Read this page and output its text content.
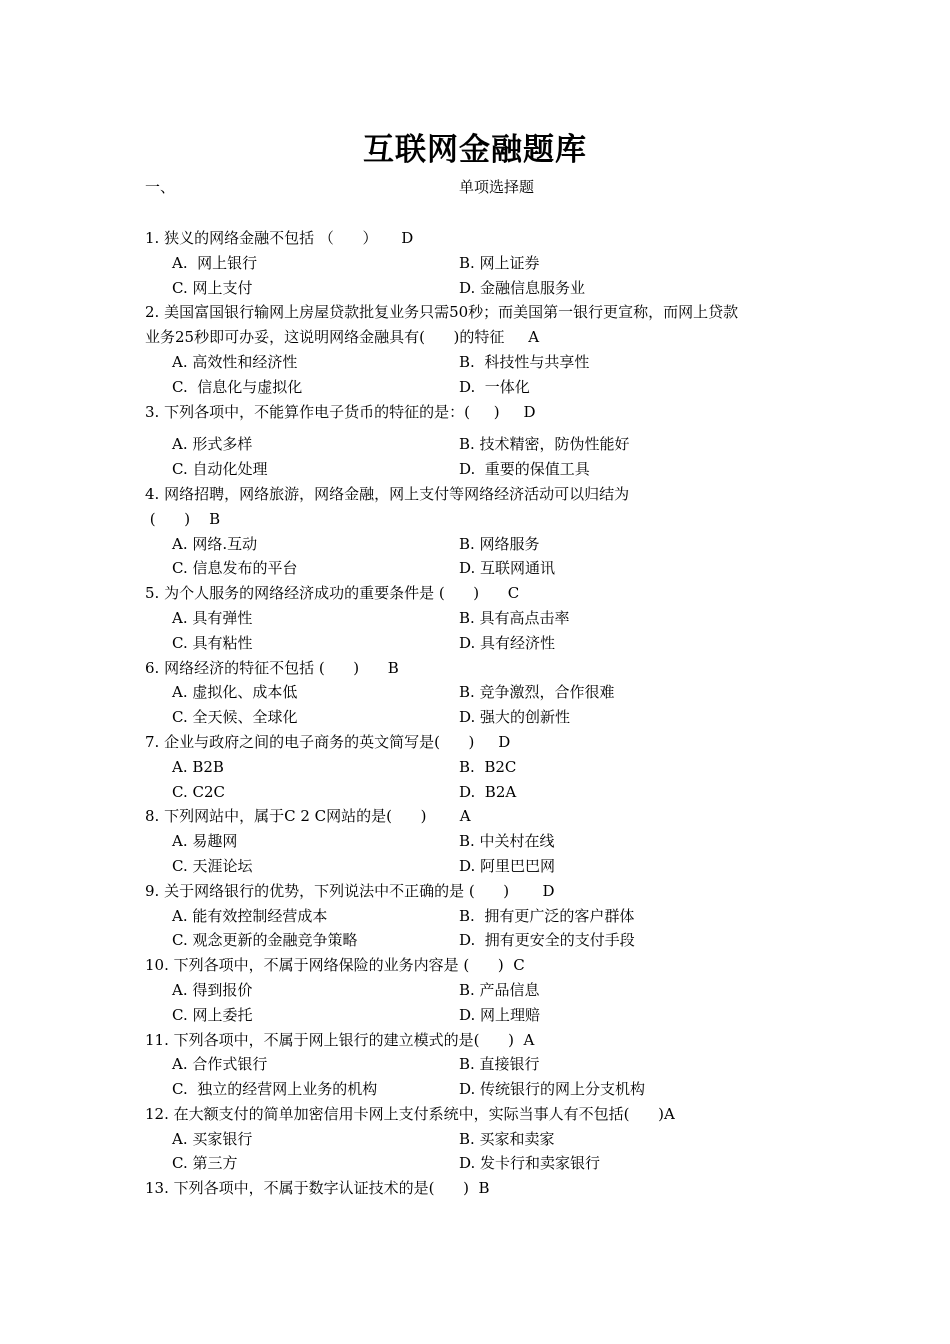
互联网金融题库
一、	单项选择题
1. 狭义的网络金融不包括 （      ）     D
A.  网上银行	B. 网上证券
C. 网上支付	D. 金融信息服务业
2. 美国富国银行输网上房屋贷款批复业务只需50秒；而美国第一银行更宣称，而网上贷款
业务25秒即可办妥，这说明网络金融具有(      )的特征     A
A. 高效性和经济性	B.  科技性与共享性
C.  信息化与虚拟化	D.  一体化
3. 下列各项中，不能算作电子货币的特征的是：(     )     D
A. 形式多样	B. 技术精密，防伪性能好
C. 自动化处理	D.  重要的保值工具
4. 网络招聘，网络旅游，网络金融，网上支付等网络经济活动可以归结为
(      )    B
A. 网络.互动	B. 网络服务
C. 信息发布的平台	D. 互联网通讯
5. 为个人服务的网络经济成功的重要条件是 (      )      C
A. 具有弹性	B. 具有高点击率
C. 具有粘性	D. 具有经济性
6. 网络经济的特征不包括 (      )      B
A. 虚拟化、成本低	B. 竞争激烈，合作很难
C. 全天候、全球化	D. 强大的创新性
7. 企业与政府之间的电子商务的英文简写是(      )     D
A. B2B	B.  B2C
C. C2C	D.  B2A
8. 下列网站中，属于C 2 C网站的是(      )       A
A. 易趣网	B. 中关村在线
C. 天涯论坛	D. 阿里巴巴网
9. 关于网络银行的优势，下列说法中不正确的是 (      )       D
A. 能有效控制经营成本	B.  拥有更广泛的客户群体
C. 观念更新的金融竞争策略	D.  拥有更安全的支付手段
10. 下列各项中，不属于网络保险的业务内容是 (      )  C
A. 得到报价	B. 产品信息
C. 网上委托	D. 网上理赔
11. 下列各项中，不属于网上银行的建立模式的是(      )  A
A. 合作式银行	B. 直接银行
C.  独立的经营网上业务的机构	D. 传统银行的网上分支机构
12. 在大额支付的简单加密信用卡网上支付系统中，实际当事人有不包括(      )A
A. 买家银行	B. 买家和卖家
C. 第三方	D. 发卡行和卖家银行
13. 下列各项中，不属于数字认证技术的是(      )  B
